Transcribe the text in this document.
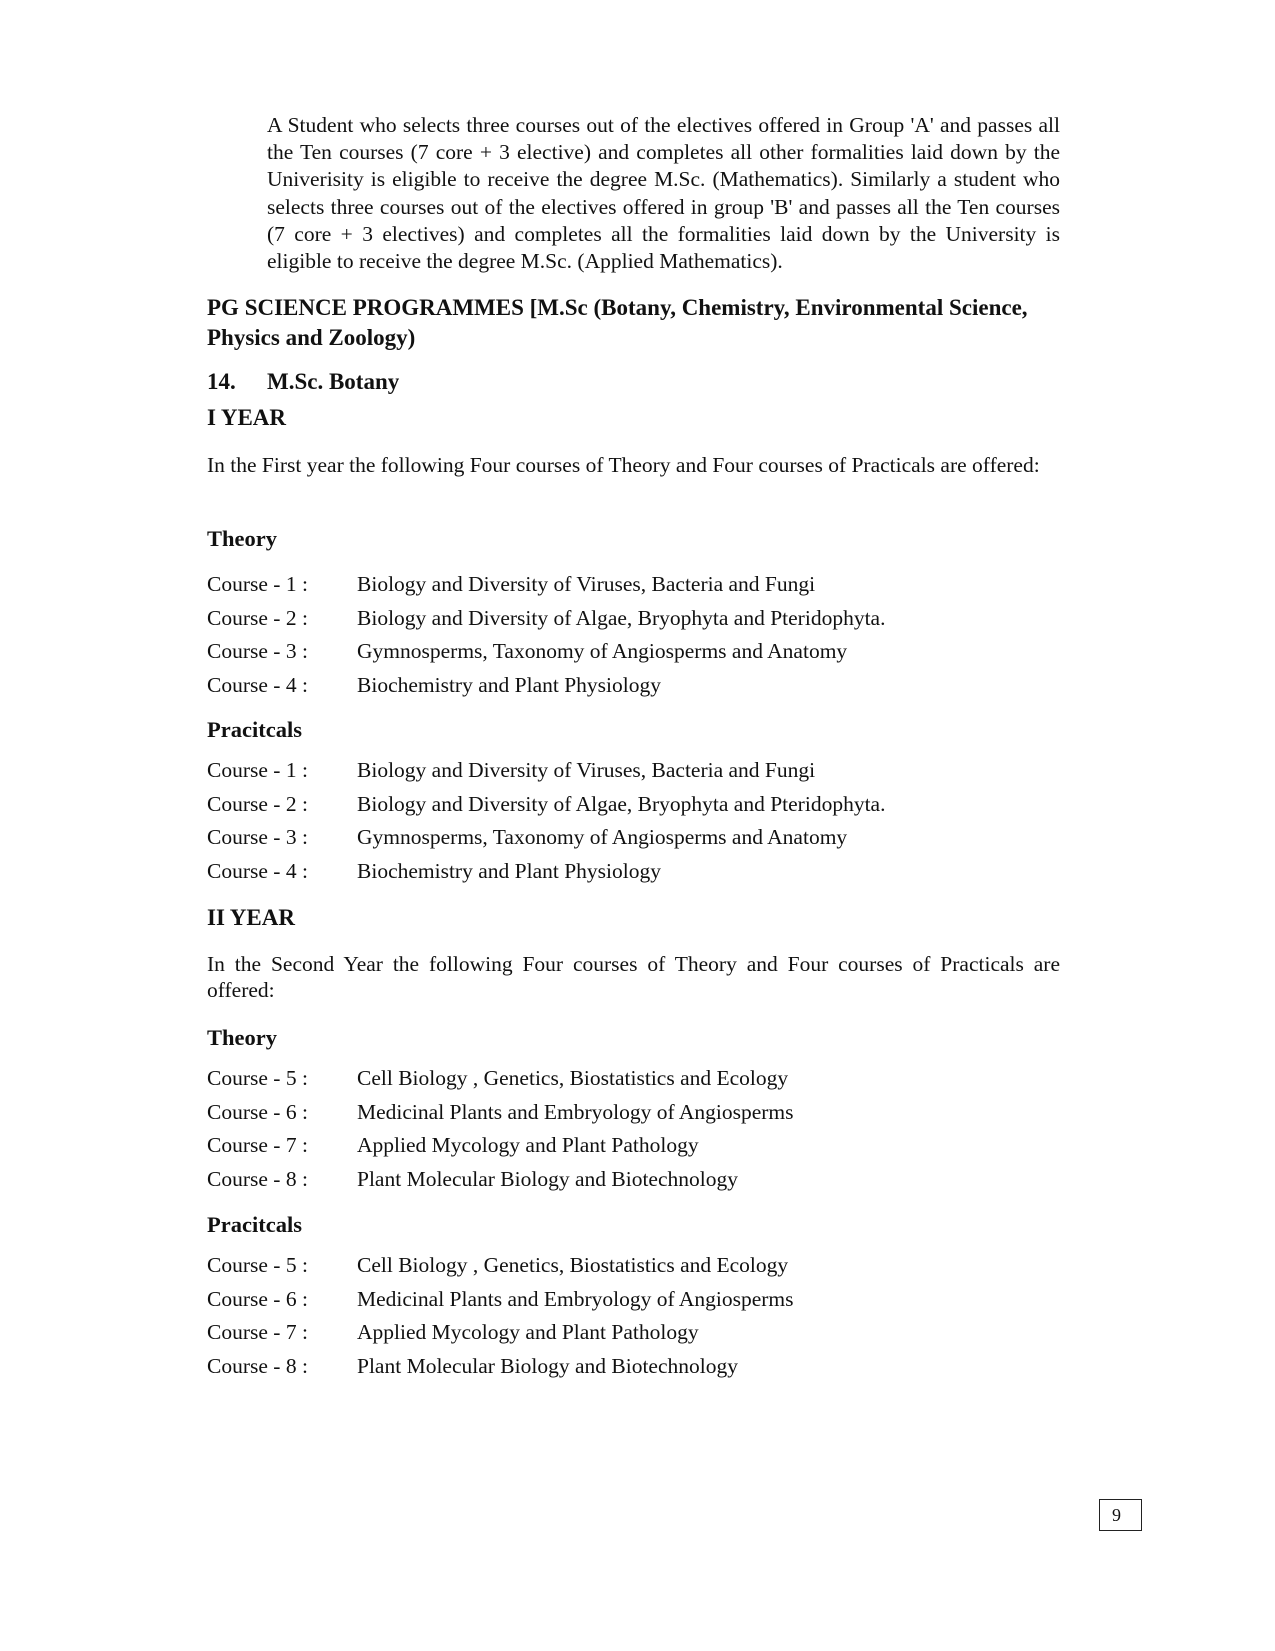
A Student who selects three courses out of the electives offered in Group 'A' and passes all the Ten courses (7 core + 3 elective) and completes all other formalities laid down by the Univerisity is eligible to receive the degree M.Sc. (Mathematics). Similarly a student who selects three courses out of the electives offered in group 'B' and passes all the Ten courses (7 core + 3 electives) and completes all the formalities laid down by the University is eligible to receive the degree M.Sc. (Applied Mathematics).

PG SCIENCE PROGRAMMES [M.Sc (Botany, Chemistry, Environmental Science, Physics and Zoology)

14. M.Sc. Botany

I YEAR

In the First year the following Four courses of Theory and Four courses of Practicals are offered:

Theory

Course - 1 :	Biology and Diversity of Viruses, Bacteria and Fungi
Course - 2 :	Biology and Diversity of Algae, Bryophyta and Pteridophyta.
Course - 3 :	Gymnosperms, Taxonomy of Angiosperms and Anatomy
Course - 4 :	Biochemistry and Plant Physiology

Pracitcals

Course - 1 :	Biology and Diversity of Viruses, Bacteria and Fungi
Course - 2 :	Biology and Diversity of Algae, Bryophyta and Pteridophyta.
Course - 3 :	Gymnosperms, Taxonomy of Angiosperms and Anatomy
Course - 4 :	Biochemistry and Plant Physiology

II YEAR

In the Second Year the following Four courses of Theory and Four courses of Practicals are offered:

Theory

Course - 5 :	Cell Biology , Genetics, Biostatistics and Ecology
Course - 6 :	Medicinal Plants and Embryology of Angiosperms
Course - 7 :	Applied Mycology and Plant Pathology
Course - 8 :	Plant Molecular Biology and Biotechnology

Pracitcals

Course - 5 :	Cell Biology , Genetics, Biostatistics and Ecology
Course - 6 :	Medicinal Plants and Embryology of Angiosperms
Course - 7 :	Applied Mycology and Plant Pathology
Course - 8 :	Plant Molecular Biology and Biotechnology
9
